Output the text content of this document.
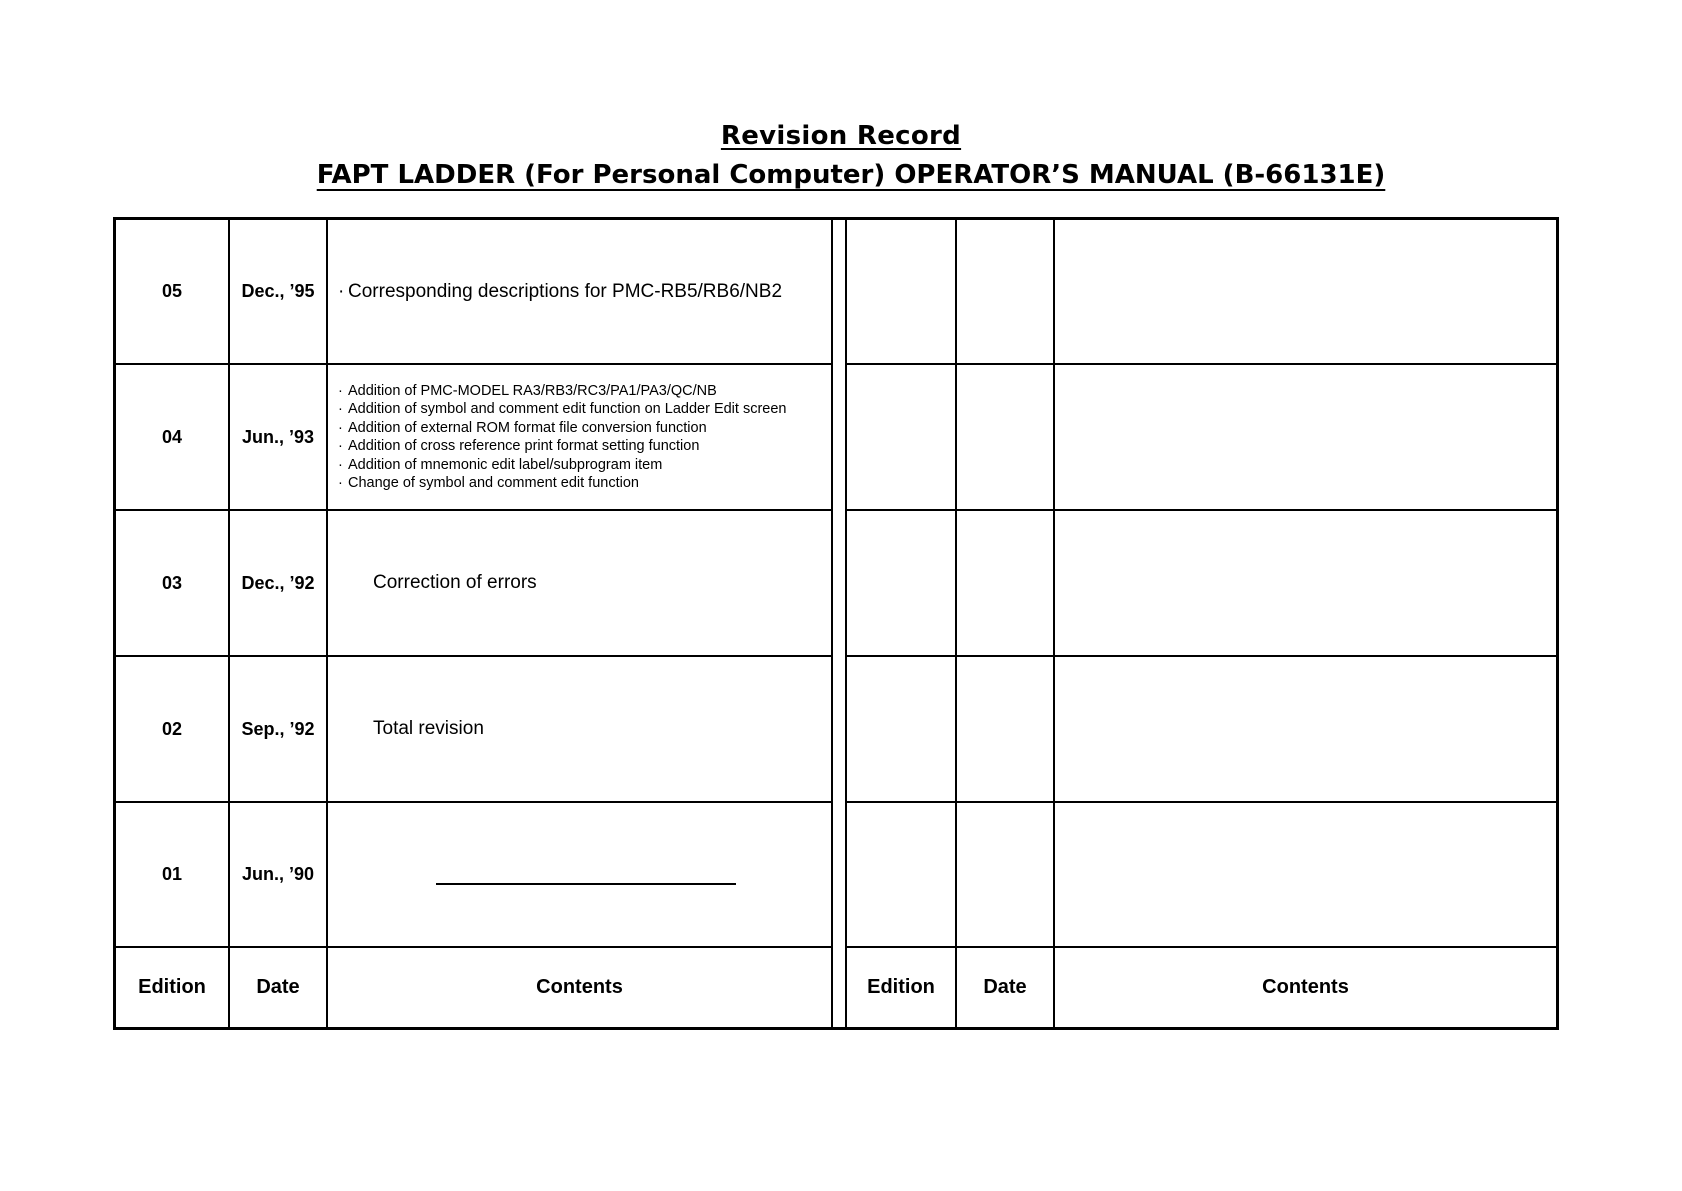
Revision Record
FAPT LADDER (For Personal Computer) OPERATOR’S MANUAL (B-66131E)
05	Dec., ’95
·	Corresponding descriptions for PMC-RB5/RB6/NB2
04	Jun., ’93
· Addition of PMC-MODEL RA3/RB3/RC3/PA1/PA3/QC/NB
· Addition of symbol and comment edit function on Ladder Edit screen
· Addition of external ROM format file conversion function
· Addition of cross reference print format setting function
· Addition of mnemonic edit label/subprogram item
· Change of symbol and comment edit function
03	Dec., ’92	Correction of errors
02	Sep., ’92	Total revision
01	Jun., ’90
Edition	Date	Contents	Edition	Date	Contents
